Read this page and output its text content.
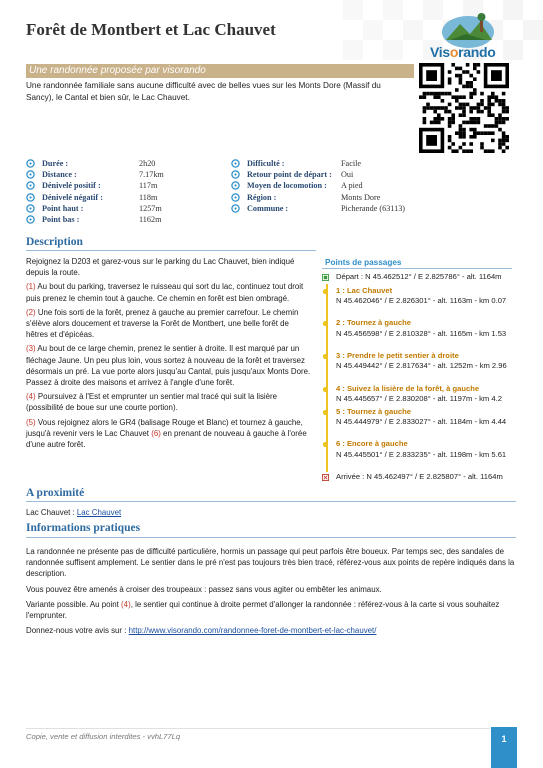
Forêt de Montbert et Lac Chauvet
Visorando
Une randonnée proposée par visorando
Une randonnée familiale sans aucune difficulté avec de belles vues sur les Monts Dore (Massif du Sancy), le Cantal et bien sûr, le Lac Chauvet.
Durée :	2h20
Distance :	7.17km
Dénivelé positif :	117m
Dénivelé négatif :	118m
Point haut :	1257m
Point bas :	1162m
Difficulté :	Facile
Retour point de départ : Oui
Moyen de locomotion : A pied
Région :	Monts Dore
Commune :	Picherande (63113)
Description

Rejoignez la D203 et garez-vous sur le parking du Lac Chauvet, bien indiqué depuis la route.

(1) Au bout du parking, traversez le ruisseau qui sort du lac, continuez tout droit puis prenez le chemin tout à gauche. Ce chemin en forêt est bien ombragé.

(2) Une fois sorti de la forêt, prenez à gauche au premier carrefour. Le chemin s'élève alors doucement et traverse la Forêt de Montbert, une belle forêt de hêtres et d'épicéas.

(3) Au bout de ce large chemin, prenez le sentier à droite. Il est marqué par un fléchage Jaune. Un peu plus loin, vous sortez à nouveau de la forêt et traversez désormais un pré. La vue porte alors jusqu'au Cantal, puis jusqu'aux Monts Dore. Passez à droite des maisons et arrivez à l'angle d'une forêt.

(4) Poursuivez à l'Est et emprunter un sentier mal tracé qui suit la lisière (possibilité de boue sur une courte portion).

(5) Vous rejoignez alors le GR4 (balisage Rouge et Blanc) et tournez à gauche, jusqu'à revenir vers le Lac Chauvet (6) en prenant de nouveau à gauche à l'orée d'une autre forêt.

Points de passages
Départ : N 45.462512° / E 2.825786° - alt. 1164m
1 : Lac Chauvet
N 45.462046° / E 2.826301° - alt. 1163m - km 0.07
2 : Tournez à gauche
N 45.456598° / E 2.810328° - alt. 1165m - km 1.53
3 : Prendre le petit sentier à droite
N 45.449442° / E 2.817634° - alt. 1252m - km 2.96
4 : Suivez la lisière de la forêt, à gauche
N 45.445657° / E 2.830208° - alt. 1197m - km 4.2
5 : Tournez à gauche
N 45.444979° / E 2.833027° - alt. 1184m - km 4.44
6 : Encore à gauche
N 45.445501° / E 2.833235° - alt. 1198m - km 5.61
Arrivée : N 45.462497° / E 2.825807° - alt. 1164m
A proximité
Lac Chauvet : Lac Chauvet
Informations pratiques

La randonnée ne présente pas de difficulté particulière, hormis un passage qui peut parfois être boueux. Par temps sec, des sandales de randonnée suffisent amplement. Le sentier dans le pré n'est pas toujours très bien tracé, référez-vous aux points de repère indiqués dans la description.

Vous pouvez être amenés à croiser des troupeaux : passez sans vous agiter ou embêter les animaux.

Variante possible. Au point (4), le sentier qui continue à droite permet d'allonger la randonnée : référez-vous à la carte si vous souhaitez l'emprunter.

Donnez-nous votre avis sur : http://www.visorando.com/randonnee-foret-de-montbert-et-lac-chauvet/

Copie, vente et diffusion interdites - vvhL77Lq	1
